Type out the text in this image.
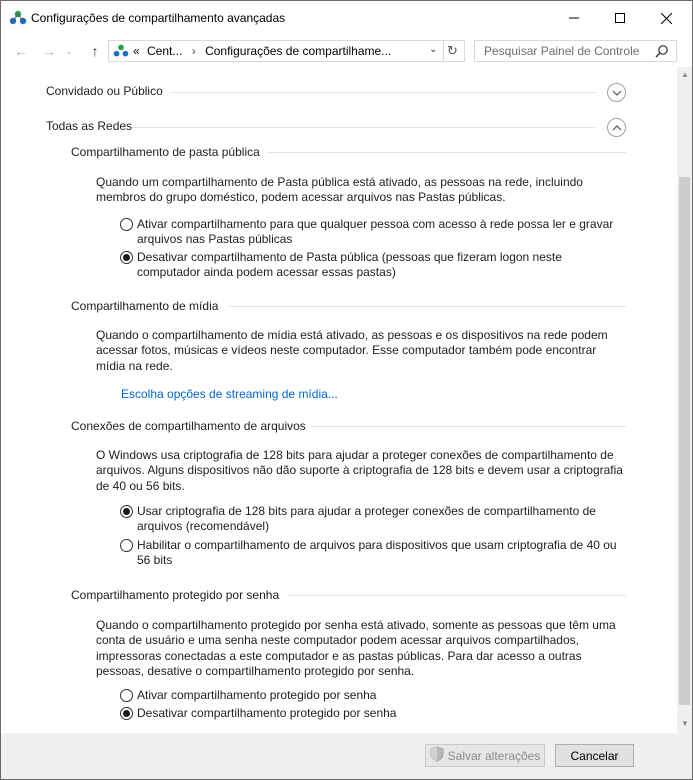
Configurações de compartilhamento avançadas
← → ⌄ ↑	« Cent... › Configurações de compartilhame...	⌄ ↻ Pesquisar Painel de Controle
Convidado ou Público
Todas as Redes
Compartilhamento de pasta pública

Quando um compartilhamento de Pasta pública está ativado, as pessoas na rede, incluindo membros do grupo doméstico, podem acessar arquivos nas Pastas públicas.

Ativar compartilhamento para que qualquer pessoa com acesso à rede possa ler e gravar arquivos nas Pastas públicas
Desativar compartilhamento de Pasta pública (pessoas que fizeram logon neste computador ainda podem acessar essas pastas)
Compartilhamento de mídia

Quando o compartilhamento de mídia está ativado, as pessoas e os dispositivos na rede podem acessar fotos, músicas e vídeos neste computador. Esse computador também pode encontrar mídia na rede.

Escolha opções de streaming de mídia...
Conexões de compartilhamento de arquivos

O Windows usa criptografia de 128 bits para ajudar a proteger conexões de compartilhamento de arquivos. Alguns dispositivos não dão suporte à criptografia de 128 bits e devem usar a criptografia de 40 ou 56 bits.

Usar criptografia de 128 bits para ajudar a proteger conexões de compartilhamento de arquivos (recomendável)
Habilitar o compartilhamento de arquivos para dispositivos que usam criptografia de 40 ou 56 bits
Compartilhamento protegido por senha

Quando o compartilhamento protegido por senha está ativado, somente as pessoas que têm uma conta de usuário e uma senha neste computador podem acessar arquivos compartilhados, impressoras conectadas a este computador e as pastas públicas. Para dar acesso a outras pessoas, desative o compartilhamento protegido por senha.

Ativar compartilhamento protegido por senha
Desativar compartilhamento protegido por senha
▲
▼
Salvar alterações	Cancelar
